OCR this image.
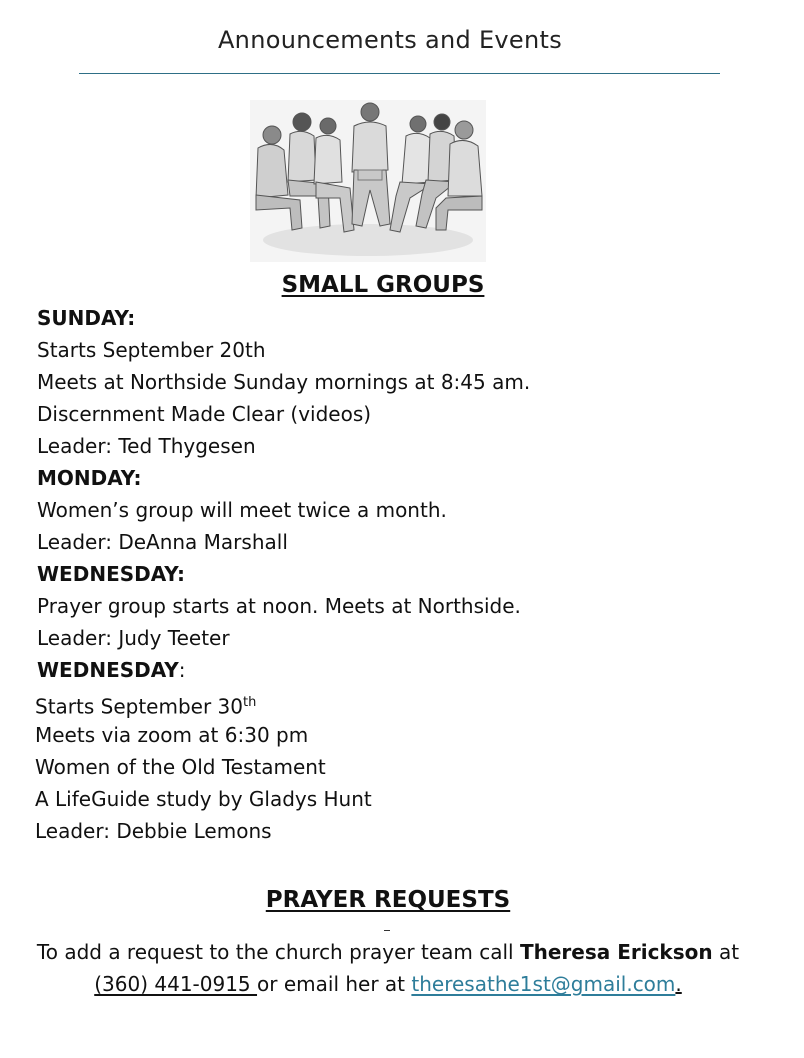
Announcements and Events
SMALL GROUPS
SUNDAY:
Starts September 20th
Meets at Northside Sunday mornings at 8:45 am.
Discernment Made Clear (videos)
Leader: Ted Thygesen
MONDAY:
Women’s group will meet twice a month.
Leader: DeAnna Marshall
WEDNESDAY:
Prayer group starts at noon. Meets at Northside.
Leader: Judy Teeter
WEDNESDAY:
Starts September 30th
Meets via zoom at 6:30 pm
Women of the Old Testament
A LifeGuide study by Gladys Hunt
Leader: Debbie Lemons
PRAYER REQUESTS
To add a request to the church prayer team call Theresa Erickson at
(360) 441-0915 or email her at theresathe1st@gmail.com.
